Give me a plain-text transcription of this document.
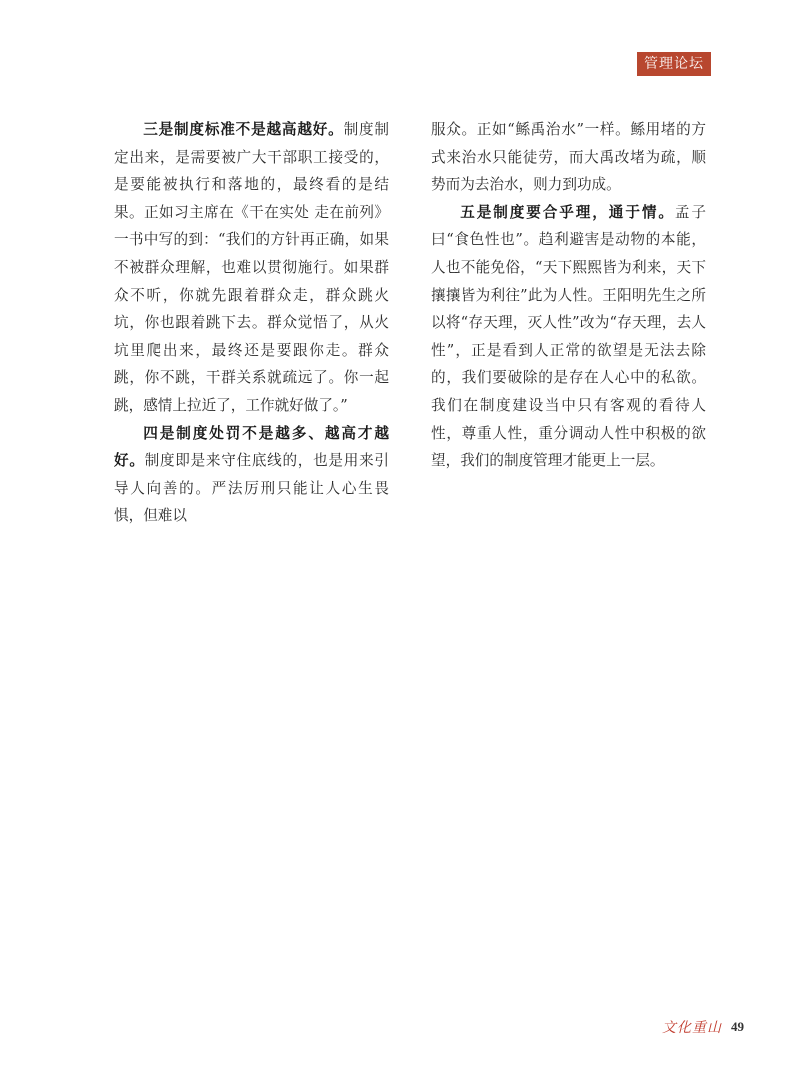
管理论坛

三是制度标准不是越高越好。制度制定出来，是需要被广大干部职工接受的，是要能被执行和落地的，最终看的是结果。正如习主席在《干在实处 走在前列》一书中写的到：“我们的方针再正确，如果不被群众理解，也难以贯彻施行。如果群众不听，你就先跟着群众走，群众跳火坑，你也跟着跳下去。群众觉悟了，从火坑里爬出来，最终还是要跟你走。群众跳，你不跳，干群关系就疏远了。你一起跳，感情上拉近了，工作就好做了。”

四是制度处罚不是越多、越高才越好。制度即是来守住底线的，也是用来引导人向善的。严法厉刑只能让人心生畏惧，但难以

服众。正如“鲧禹治水”一样。鲧用堵的方式来治水只能徒劳，而大禹改堵为疏，顺势而为去治水，则力到功成。

五是制度要合乎理，通于情。孟子曰“食色性也”。趋利避害是动物的本能，人也不能免俗，“天下熙熙皆为利来，天下攘攘皆为利往”此为人性。王阳明先生之所以将“存天理，灭人性”改为“存天理，去人性”，正是看到人正常的欲望是无法去除的，我们要破除的是存在人心中的私欲。我们在制度建设当中只有客观的看待人性，尊重人性，重分调动人性中积极的欲望，我们的制度管理才能更上一层。

文化重山 49
